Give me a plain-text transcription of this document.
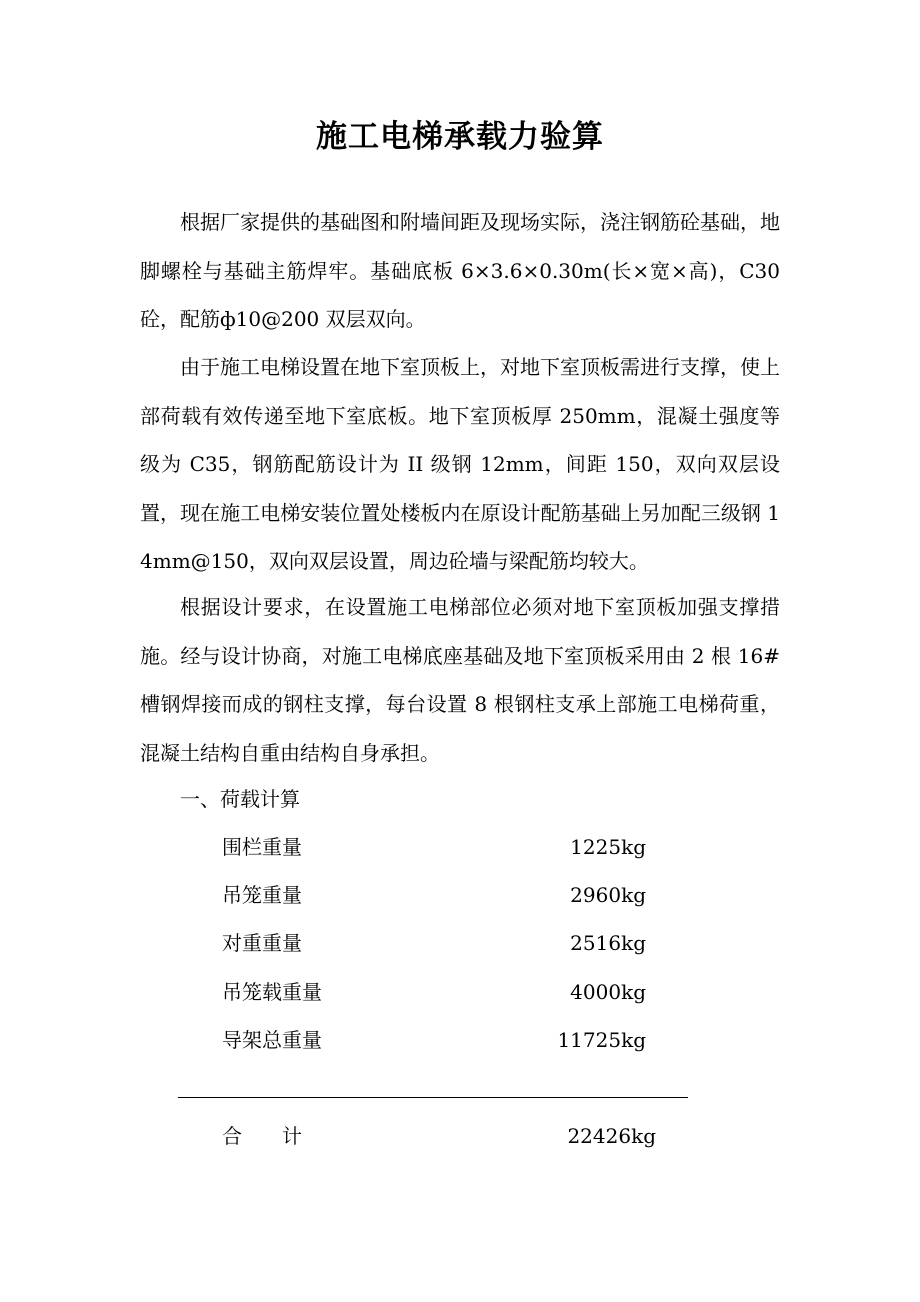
施工电梯承载力验算

根据厂家提供的基础图和附墙间距及现场实际，浇注钢筋砼基础，地脚螺栓与基础主筋焊牢。基础底板 6×3.6×0.30m(长×宽×高)，C30 砼，配筋ф10@200 双层双向。

由于施工电梯设置在地下室顶板上，对地下室顶板需进行支撑，使上部荷载有效传递至地下室底板。地下室顶板厚 250mm，混凝土强度等级为 C35，钢筋配筋设计为 II 级钢 12mm，间距 150，双向双层设置，现在施工电梯安装位置处楼板内在原设计配筋基础上另加配三级钢 14mm@150，双向双层设置，周边砼墙与梁配筋均较大。

根据设计要求，在设置施工电梯部位必须对地下室顶板加强支撑措施。经与设计协商，对施工电梯底座基础及地下室顶板采用由 2 根 16#槽钢焊接而成的钢柱支撑，每台设置 8 根钢柱支承上部施工电梯荷重，混凝土结构自重由结构自身承担。

一、荷载计算
围栏重量	1225kg
吊笼重量	2960kg
对重重量	2516kg
吊笼载重量	4000kg
导架总重量	11725kg
合　　计	22426kg
